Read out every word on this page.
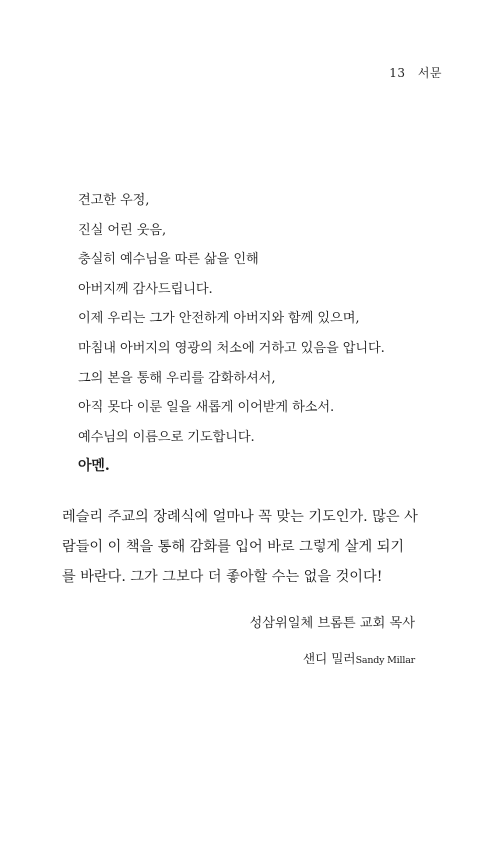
13 서문
견고한 우정,
진실 어린 웃음,
충실히 예수님을 따른 삶을 인해
아버지께 감사드립니다.
이제 우리는 그가 안전하게 아버지와 함께 있으며,
마침내 아버지의 영광의 처소에 거하고 있음을 압니다.
그의 본을 통해 우리를 감화하셔서,
아직 못다 이룬 일을 새롭게 이어받게 하소서.
예수님의 이름으로 기도합니다.
아멘.
레슬리 주교의 장례식에 얼마나 꼭 맞는 기도인가. 많은 사
람들이 이 책을 통해 감화를 입어 바로 그렇게 살게 되기
를 바란다. 그가 그보다 더 좋아할 수는 없을 것이다!
성삼위일체 브롬튼 교회 목사
샌디 밀러Sandy Millar
